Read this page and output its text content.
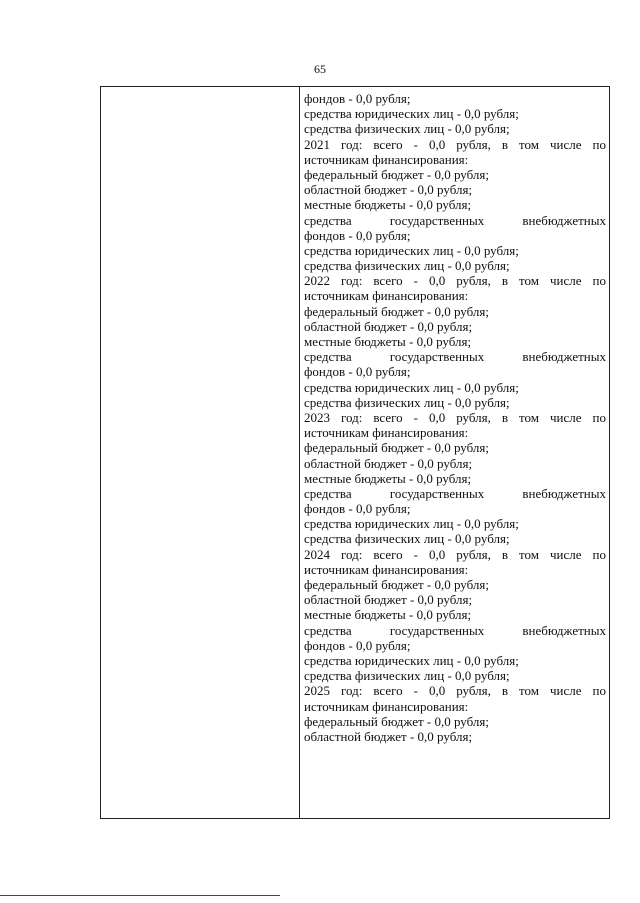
65
фондов - 0,0 рубля;
средства юридических лиц - 0,0 рубля;
средства физических лиц - 0,0 рубля;
2021 год: всего - 0,0 рубля, в том числе по
источникам финансирования:
федеральный бюджет - 0,0 рубля;
областной бюджет - 0,0 рубля;
местные бюджеты - 0,0 рубля;
средства государственных внебюджетных
фондов - 0,0 рубля;
средства юридических лиц - 0,0 рубля;
средства физических лиц - 0,0 рубля;
2022 год: всего - 0,0 рубля, в том числе по
источникам финансирования:
федеральный бюджет - 0,0 рубля;
областной бюджет - 0,0 рубля;
местные бюджеты - 0,0 рубля;
средства государственных внебюджетных
фондов - 0,0 рубля;
средства юридических лиц - 0,0 рубля;
средства физических лиц - 0,0 рубля;
2023 год: всего - 0,0 рубля, в том числе по
источникам финансирования:
федеральный бюджет - 0,0 рубля;
областной бюджет - 0,0 рубля;
местные бюджеты - 0,0 рубля;
средства государственных внебюджетных
фондов - 0,0 рубля;
средства юридических лиц - 0,0 рубля;
средства физических лиц - 0,0 рубля;
2024 год: всего - 0,0 рубля, в том числе по
источникам финансирования:
федеральный бюджет - 0,0 рубля;
областной бюджет - 0,0 рубля;
местные бюджеты - 0,0 рубля;
средства государственных внебюджетных
фондов - 0,0 рубля;
средства юридических лиц - 0,0 рубля;
средства физических лиц - 0,0 рубля;
2025 год: всего - 0,0 рубля, в том числе по
источникам финансирования:
федеральный бюджет - 0,0 рубля;
областной бюджет - 0,0 рубля;
